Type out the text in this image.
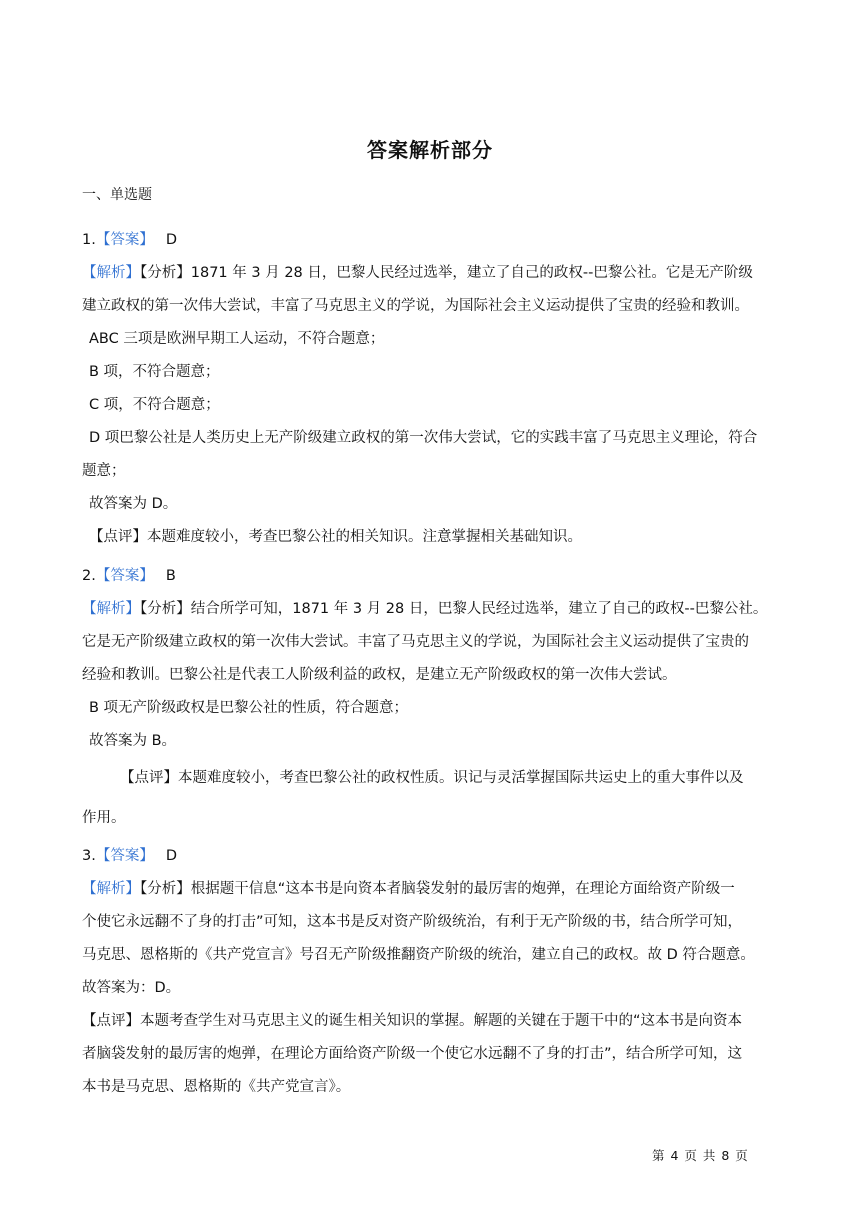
答案解析部分
一、单选题
1.【答案】 D
【解析】【分析】1871 年 3 月 28 日，巴黎人民经过选举，建立了自己的政权--巴黎公社。它是无产阶级
建立政权的第一次伟大尝试，丰富了马克思主义的学说，为国际社会主义运动提供了宝贵的经验和教训。
ABC 三项是欧洲早期工人运动，不符合题意；
B 项，不符合题意；
C 项，不符合题意；
D 项巴黎公社是人类历史上无产阶级建立政权的第一次伟大尝试，它的实践丰富了马克思主义理论，符合
题意；
故答案为 D。
【点评】本题难度较小，考查巴黎公社的相关知识。注意掌握相关基础知识。
2.【答案】 B
【解析】【分析】结合所学可知，1871 年 3 月 28 日，巴黎人民经过选举，建立了自己的政权--巴黎公社。
它是无产阶级建立政权的第一次伟大尝试。丰富了马克思主义的学说，为国际社会主义运动提供了宝贵的
经验和教训。巴黎公社是代表工人阶级利益的政权，是建立无产阶级政权的第一次伟大尝试。
B 项无产阶级政权是巴黎公社的性质，符合题意；
故答案为 B。
【点评】本题难度较小，考查巴黎公社的政权性质。识记与灵活掌握国际共运史上的重大事件以及
作用。
3.【答案】 D
【解析】【分析】根据题干信息“这本书是向资本者脑袋发射的最厉害的炮弹，在理论方面给资产阶级一
个使它永远翻不了身的打击”可知，这本书是反对资产阶级统治，有利于无产阶级的书，结合所学可知，
马克思、恩格斯的《共产党宣言》号召无产阶级推翻资产阶级的统治，建立自己的政权。故 D 符合题意。
故答案为：D。
【点评】本题考查学生对马克思主义的诞生相关知识的掌握。解题的关键在于题干中的“这本书是向资本
者脑袋发射的最厉害的炮弹，在理论方面给资产阶级一个使它水远翻不了身的打击”，结合所学可知，这
本书是马克思、恩格斯的《共产党宣言》。
第 4 页 共 8 页
